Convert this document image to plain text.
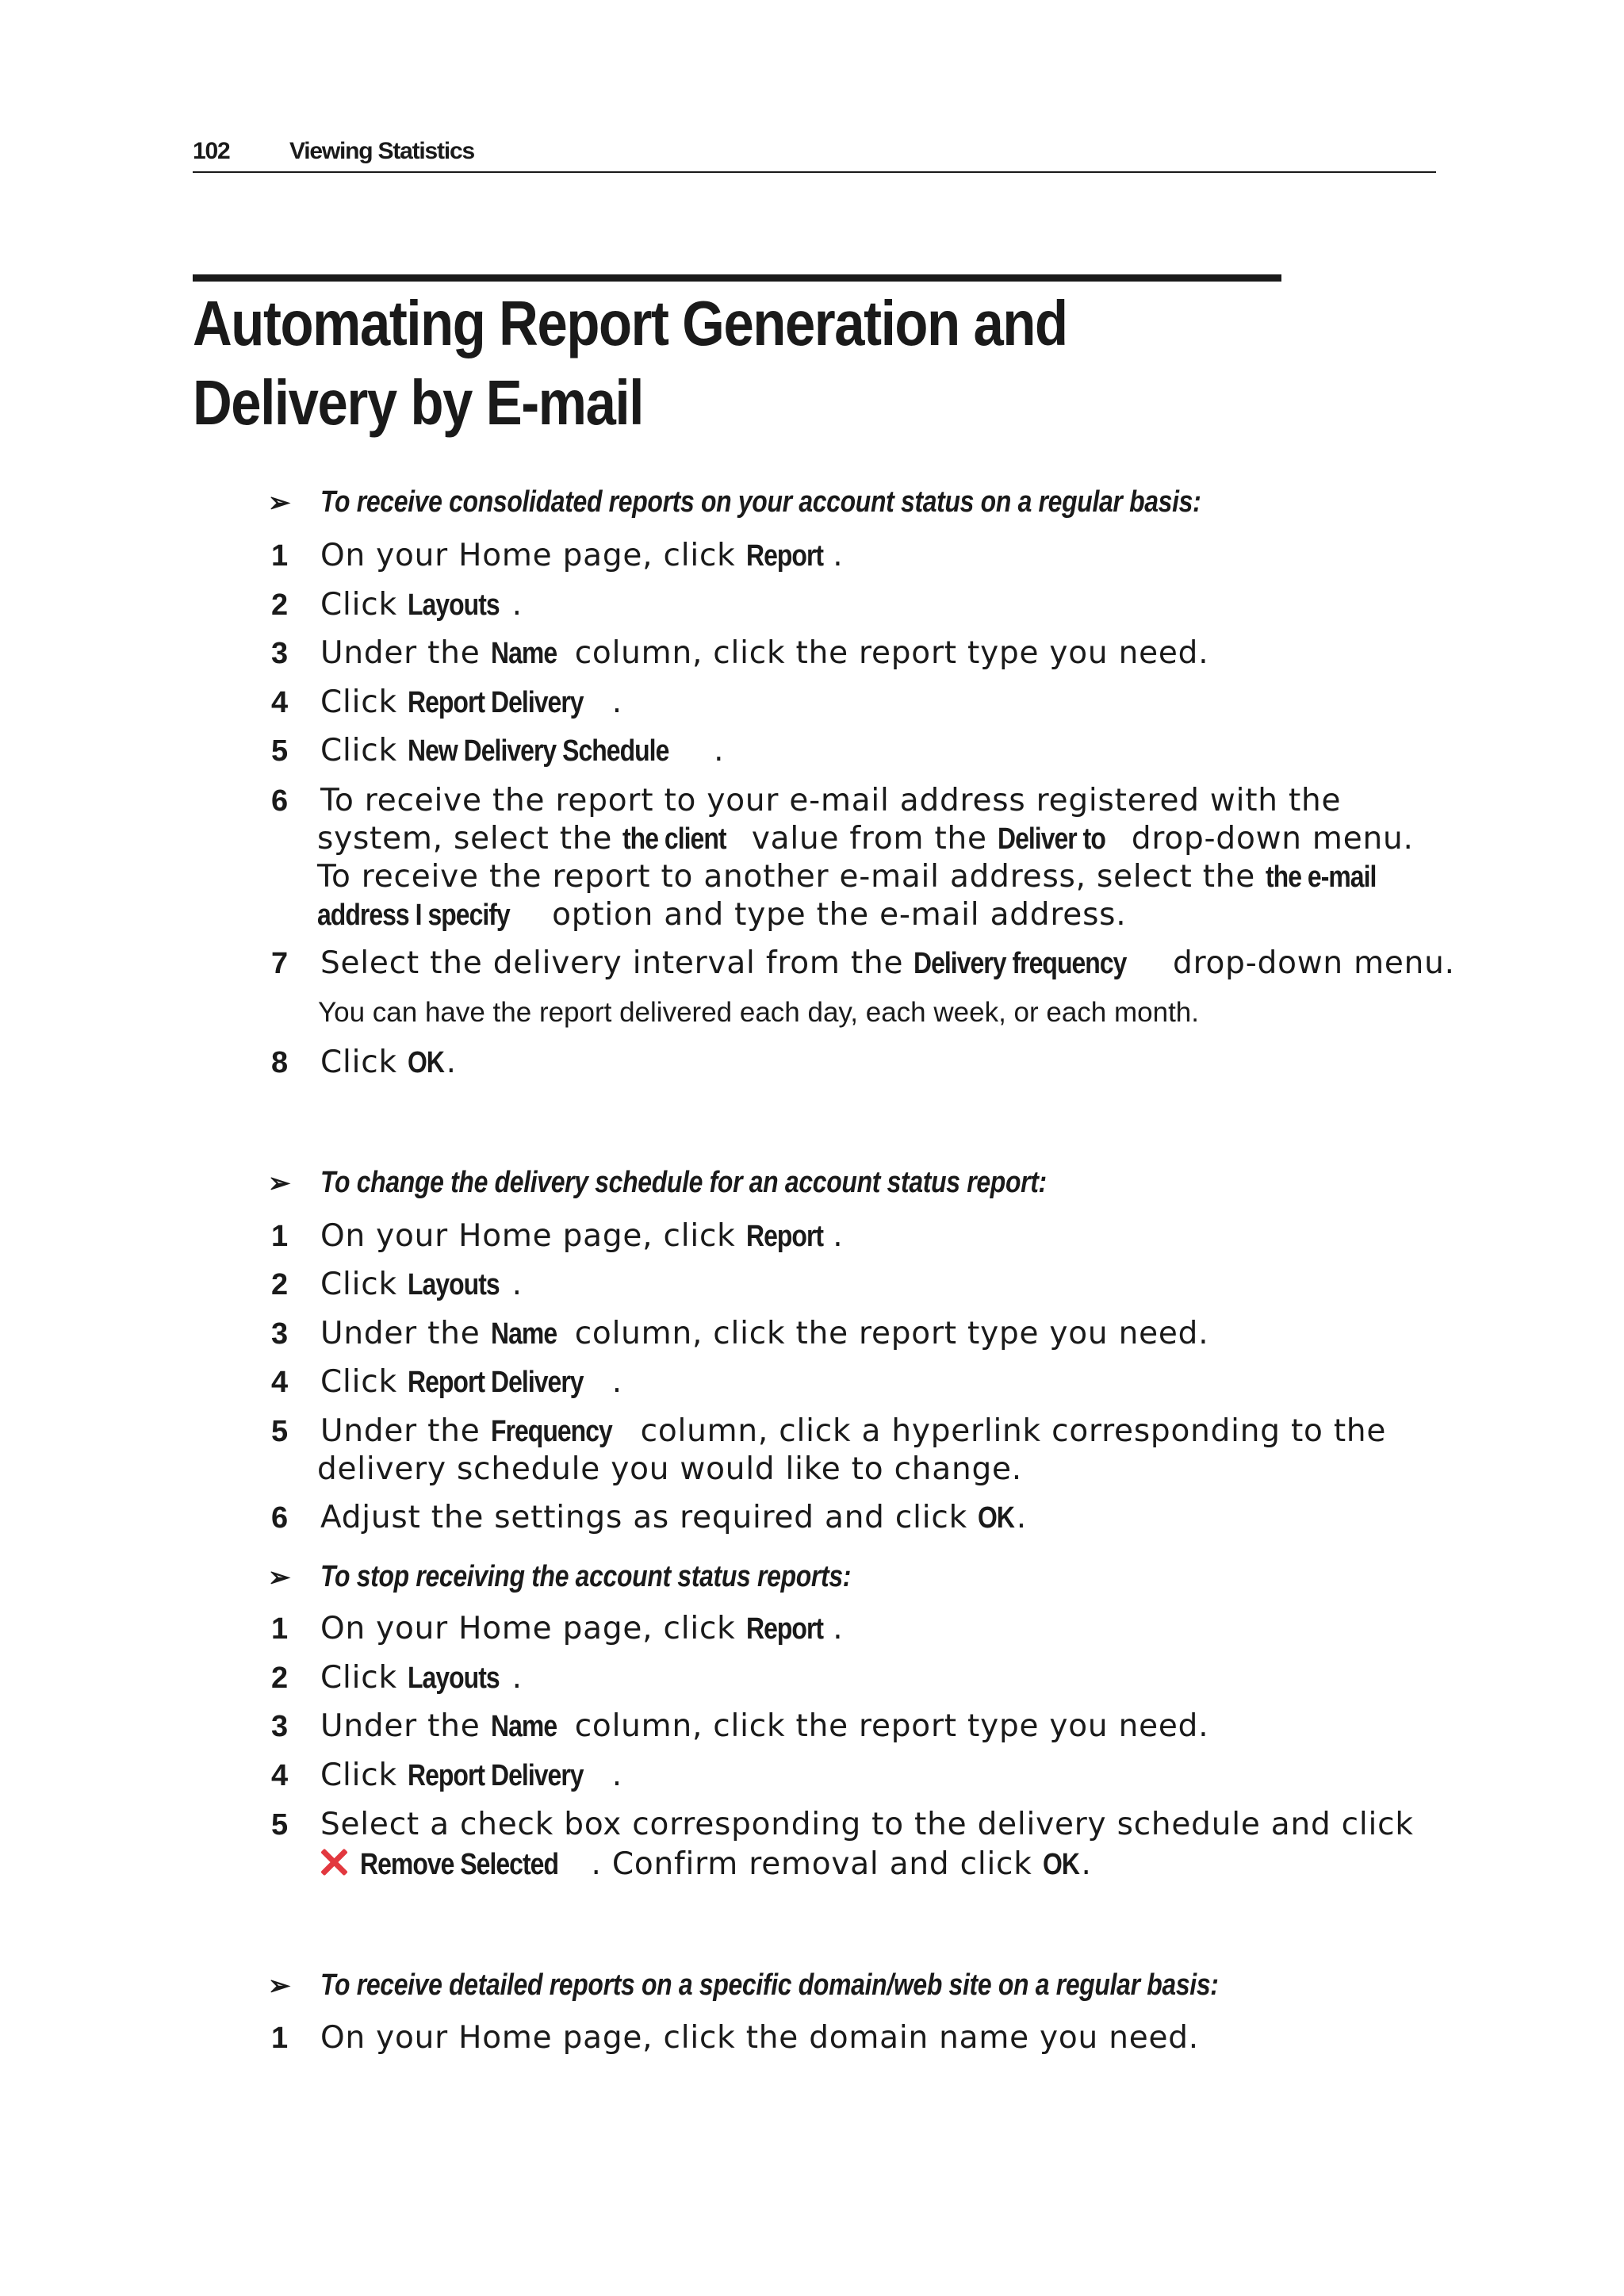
102	Viewing Statistics
Automating Report Generation and
Delivery by E-mail
➢ To receive consolidated reports on your account status on a regular basis:
1 On your Home page, click Report .
2 Click Layouts .
3 Under the Name column, click the report type you need.
4 Click Report Delivery .
5 Click New Delivery Schedule .
6 To receive the report to your e-mail address registered with the
system, select the the client value from the Deliver to drop-down menu.
To receive the report to another e-mail address, select the the e-mail
address I specify option and type the e-mail address.
7 Select the delivery interval from the Delivery frequency drop-down menu.
You can have the report delivered each day, each week, or each month.
8 Click OK.
➢ To change the delivery schedule for an account status report:
1 On your Home page, click Report .
2 Click Layouts .
3 Under the Name column, click the report type you need.
4 Click Report Delivery .
5 Under the Frequency column, click a hyperlink corresponding to the
delivery schedule you would like to change.
6 Adjust the settings as required and click OK.
➢ To stop receiving the account status reports:
1 On your Home page, click Report .
2 Click Layouts .
3 Under the Name column, click the report type you need.
4 Click Report Delivery .
5 Select a check box corresponding to the delivery schedule and click
Remove Selected . Confirm removal and click OK.
➢ To receive detailed reports on a specific domain/web site on a regular basis:
1 On your Home page, click the domain name you need.
